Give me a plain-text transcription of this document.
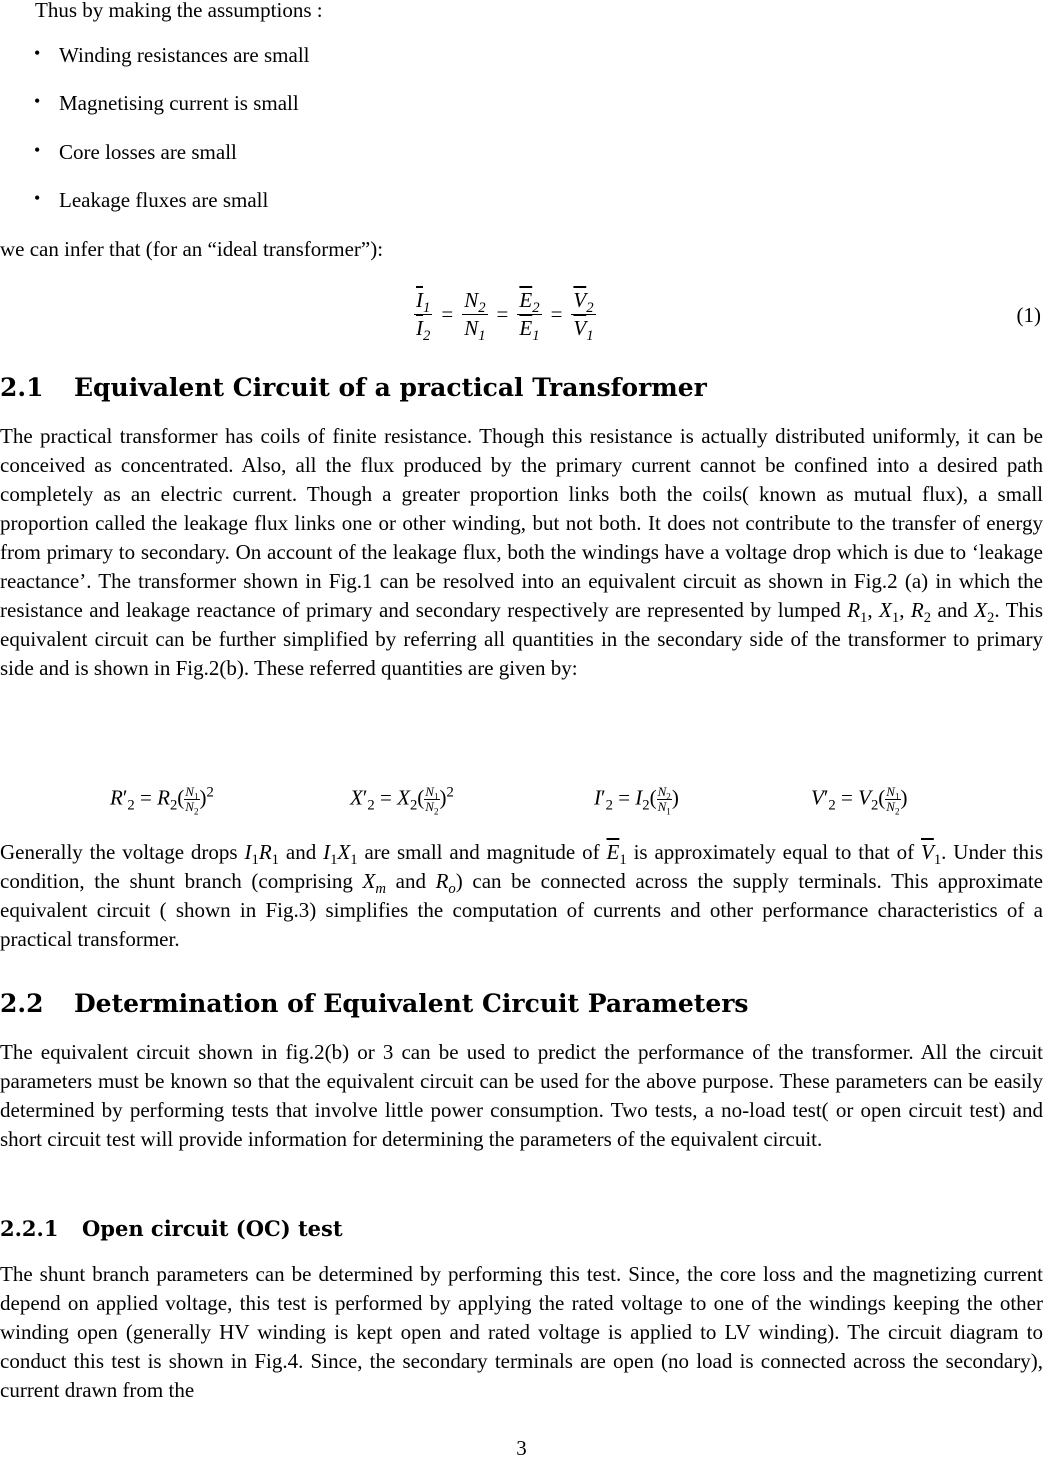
Thus by making the assumptions :
• Winding resistances are small
• Magnetising current is small
• Core losses are small
• Leakage fluxes are small
we can infer that (for an “ideal transformer”):
$\frac{\overline{I}_1}{\overline{I}_2} = \frac{N_2}{N_1} = \frac{\overline{E}_2}{\overline{E}_1} = \frac{\overline{V}_2}{\overline{V}_1}$	(1)
2.1 Equivalent Circuit of a practical Transformer
The practical transformer has coils of finite resistance. Though this resistance is actually distributed uniformly, it can be conceived as concentrated. Also, all the flux produced by the primary current cannot be confined into a desired path completely as an electric current. Though a greater proportion links both the coils( known as mutual flux), a small proportion called the leakage flux links one or other winding, but not both. It does not contribute to the transfer of energy from primary to secondary. On account of the leakage flux, both the windings have a voltage drop which is due to ‘leakage reactance’. The transformer shown in Fig.1 can be resolved into an equivalent circuit as shown in Fig.2 (a) in which the resistance and leakage reactance of primary and secondary respectively are represented by lumped $R_1$, $X_1$, $R_2$ and $X_2$. This equivalent circuit can be further simplified by referring all quantities in the secondary side of the transformer to primary side and is shown in Fig.2(b). These referred quantities are given by:
$R'_2 = R_2( \frac{N_1}{N_2} )^2$	$X'_2 = X_2( \frac{N_1}{N_2} )^2$	$I'_2 = I_2( \frac{N_2}{N_1}$ )	$V'_2 = V_2( \frac{N_1}{N_2}$ )
Generally the voltage drops $I_1R_1$ and $I_1X_1$ are small and magnitude of $\overline{E}_1$ is approximately equal to that of $\overline{V}_1$. Under this condition, the shunt branch (comprising $X_m$ and $R_o$) can be connected across the supply terminals. This approximate equivalent circuit ( shown in Fig.3) simplifies the computation of currents and other performance characteristics of a practical transformer.
2.2 Determination of Equivalent Circuit Parameters
The equivalent circuit shown in fig.2(b) or 3 can be used to predict the performance of the transformer. All the circuit parameters must be known so that the equivalent circuit can be used for the above purpose. These parameters can be easily determined by performing tests that involve little power consumption. Two tests, a no-load test( or open circuit test) and short circuit test will provide information for determining the parameters of the equivalent circuit.
2.2.1 Open circuit (OC) test
The shunt branch parameters can be determined by performing this test. Since, the core loss and the magnetizing current depend on applied voltage, this test is performed by applying the rated voltage to one of the windings keeping the other winding open (generally HV winding is kept open and rated voltage is applied to LV winding). The circuit diagram to conduct this test is shown in Fig.4. Since, the secondary terminals are open (no load is connected across the secondary), current drawn from the
3
